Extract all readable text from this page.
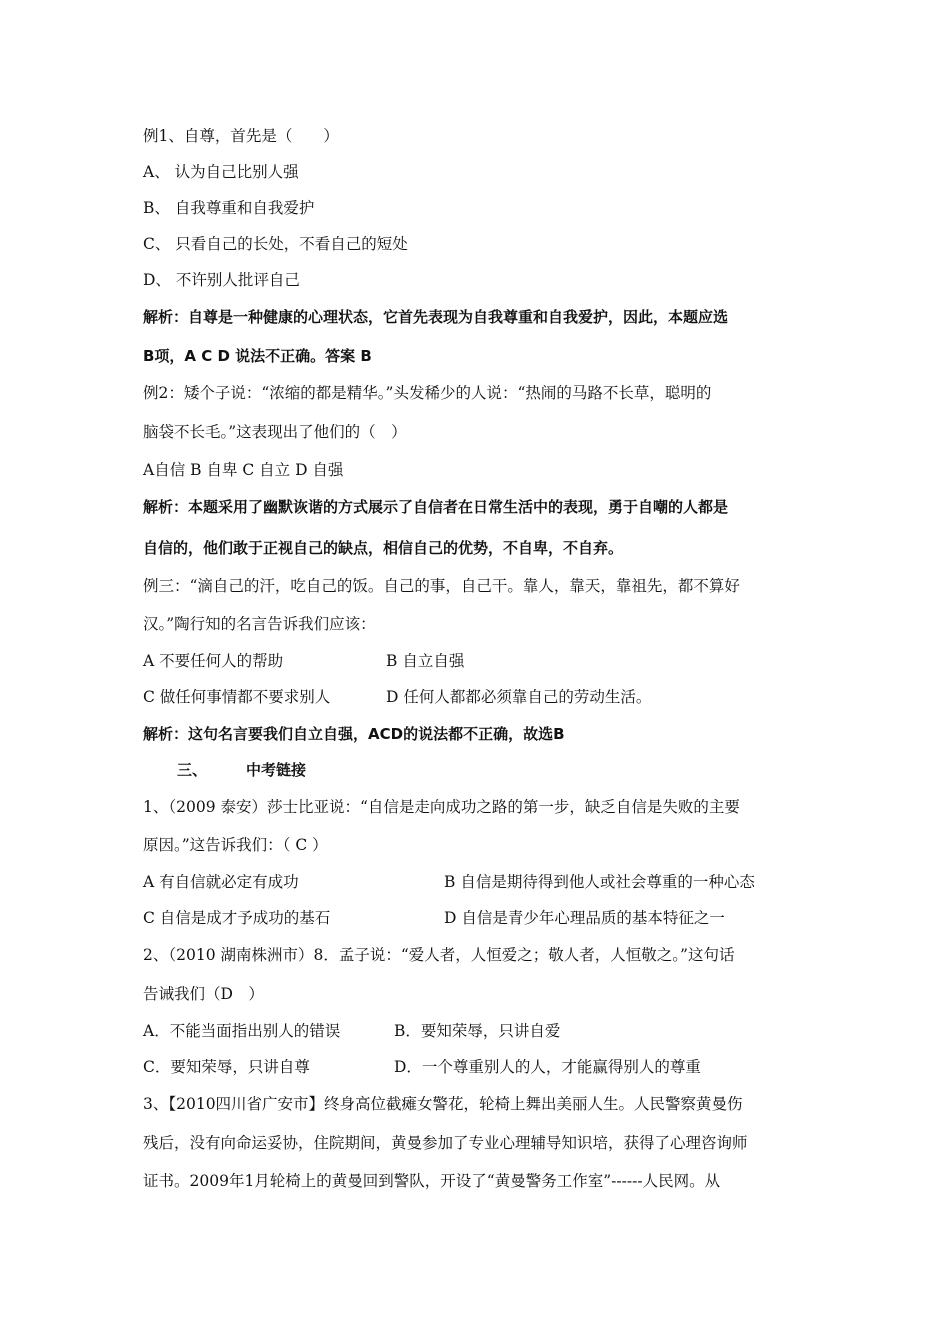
例1、自尊，首先是（　　）
A、 认为自己比别人强
B、 自我尊重和自我爱护
C、 只看自己的长处，不看自己的短处
D、 不许别人批评自己
解析：自尊是一种健康的心理状态，它首先表现为自我尊重和自我爱护，因此，本题应选
B项，A C D 说法不正确。答案 B
例2：矮个子说：“浓缩的都是精华。”头发稀少的人说：“热闹的马路不长草，聪明的
脑袋不长毛。”这表现出了他们的（　）
A自信 B 自卑 C 自立 D 自强
解析：本题采用了幽默诙谐的方式展示了自信者在日常生活中的表现，勇于自嘲的人都是
自信的，他们敢于正视自己的缺点，相信自己的优势，不自卑，不自弃。
例三：“滴自己的汗，吃自己的饭。自己的事，自己干。靠人，靠天，靠祖先，都不算好
汉。”陶行知的名言告诉我们应该：
A 不要任何人的帮助	B 自立自强
C 做任何事情都不要求别人	D 任何人都都必须靠自己的劳动生活。
解析：这句名言要我们自立自强，ACD的说法都不正确，故选B
三、	中考链接
1、（2009 泰安）莎士比亚说：“自信是走向成功之路的第一步，缺乏自信是失败的主要
原因。”这告诉我们：（ C ）
A 有自信就必定有成功	B 自信是期待得到他人或社会尊重的一种心态
C 自信是成才予成功的基石	D 自信是青少年心理品质的基本特征之一
2、（2010 湖南株洲市）8．孟子说：“爱人者，人恒爱之；敬人者，人恒敬之。”这句话
告诫我们（D　）
A．不能当面指出别人的错误	B．要知荣辱，只讲自爱
C．要知荣辱，只讲自尊	D．一个尊重别人的人，才能赢得别人的尊重
3、【2010四川省广安市】终身高位截瘫女警花，轮椅上舞出美丽人生。人民警察黄曼伤
残后，没有向命运妥协，住院期间，黄曼参加了专业心理辅导知识培，获得了心理咨询师
证书。2009年1月轮椅上的黄曼回到警队，开设了“黄曼警务工作室”------人民网。从
